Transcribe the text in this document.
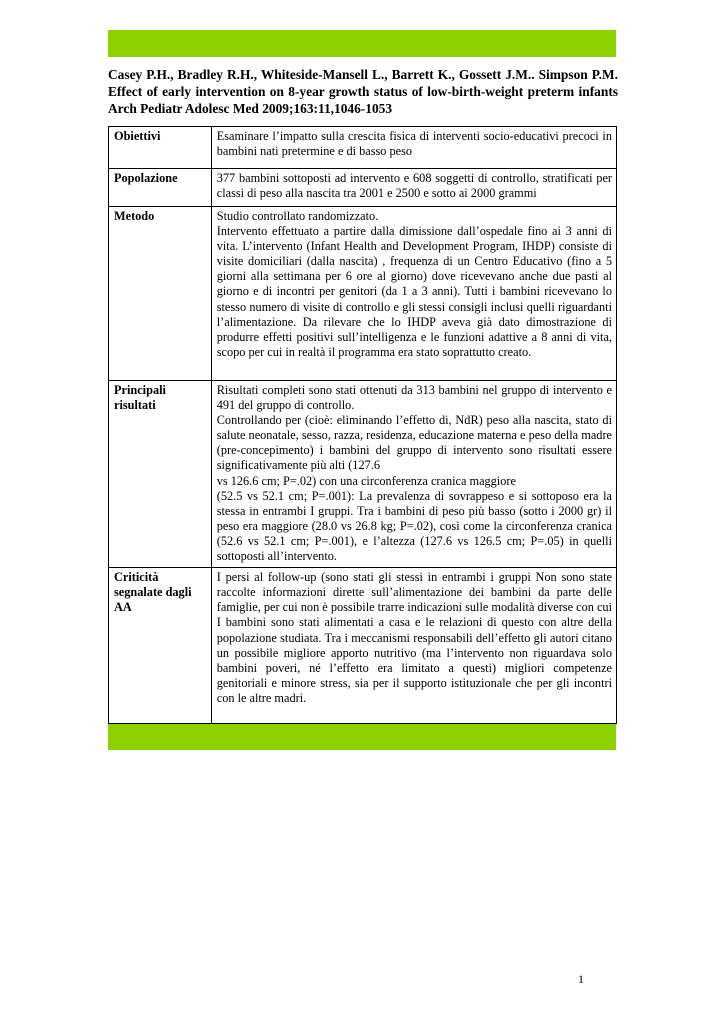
Casey P.H., Bradley R.H., Whiteside-Mansell L., Barrett K., Gossett J.M.. Simpson P.M. Effect of early intervention on 8-year growth status of low-birth-weight preterm infants Arch Pediatr Adolesc Med 2009;163:11,1046-1053
Obiettivi	Esaminare l’impatto sulla crescita fisica di interventi socio-educativi precoci in bambini nati pretermine e di basso peso

Popolazione	377 bambini sottoposti ad intervento e 608 soggetti di controllo, stratificati per classi di peso alla nascita tra 2001 e 2500 e sotto ai 2000 grammi

Metodo	Studio controllato randomizzato.
Intervento effettuato a partire dalla dimissione dall’ospedale fino ai 3 anni di vita. L’intervento (Infant Health and Development Program, IHDP) consiste di visite domiciliari (dalla nascita) , frequenza di un Centro Educativo (fino a 5 giorni alla settimana per 6 ore al giorno) dove ricevevano anche due pasti al giorno e di incontri per genitori (da 1 a 3 anni). Tutti i bambini ricevevano lo stesso numero di visite di controllo e gli stessi consigli inclusi quelli riguardanti l’alimentazione. Da rilevare che lo IHDP aveva già dato dimostrazione di produrre effetti positivi sull’intelligenza e le funzioni adattive a 8 anni di vita, scopo per cui in realtà il programma era stato soprattutto creato.

Principali risultati	Risultati completi sono stati ottenuti da 313 bambini nel gruppo di intervento e 491 del gruppo di controllo.
Controllando per (cioè: eliminando l’effetto di, NdR) peso alla nascita, stato di salute neonatale, sesso, razza, residenza, educazione materna e peso della madre (pre-concepimento) i bambini del gruppo di intervento sono risultati essere significativamente più alti (127.6
vs 126.6 cm; P=.02) con una circonferenza cranica maggiore
(52.5 vs 52.1 cm; P=.001): La prevalenza di sovrappeso e si sottoposo era la stessa in entrambi I gruppi. Tra i bambini di peso più basso (sotto i 2000 gr) il peso era maggiore (28.0 vs 26.8 kg; P=.02), così come la circonferenza cranica (52.6 vs 52.1 cm; P=.001), e l’altezza (127.6 vs 126.5 cm; P=.05) in quelli sottoposti all’intervento.

Criticità segnalate dagli AA	I persi al follow-up (sono stati gli stessi in entrambi i gruppi Non sono state raccolte informazioni dirette sull’alimentazione dei bambini da parte delle famiglie, per cui non è possibile trarre indicazioni sulle modalità diverse con cui I bambini sono stati alimentati a casa e le relazioni di questo con altre della popolazione studiata. Tra i meccanismi responsabili dell’effetto gli autori citano un possibile migliore apporto nutritivo (ma l’intervento non riguardava solo bambini poveri, né l’effetto era limitato a questi) migliori competenze genitoriali e minore stress, sia per il supporto istituzionale che per gli incontri con le altre madri.
1
